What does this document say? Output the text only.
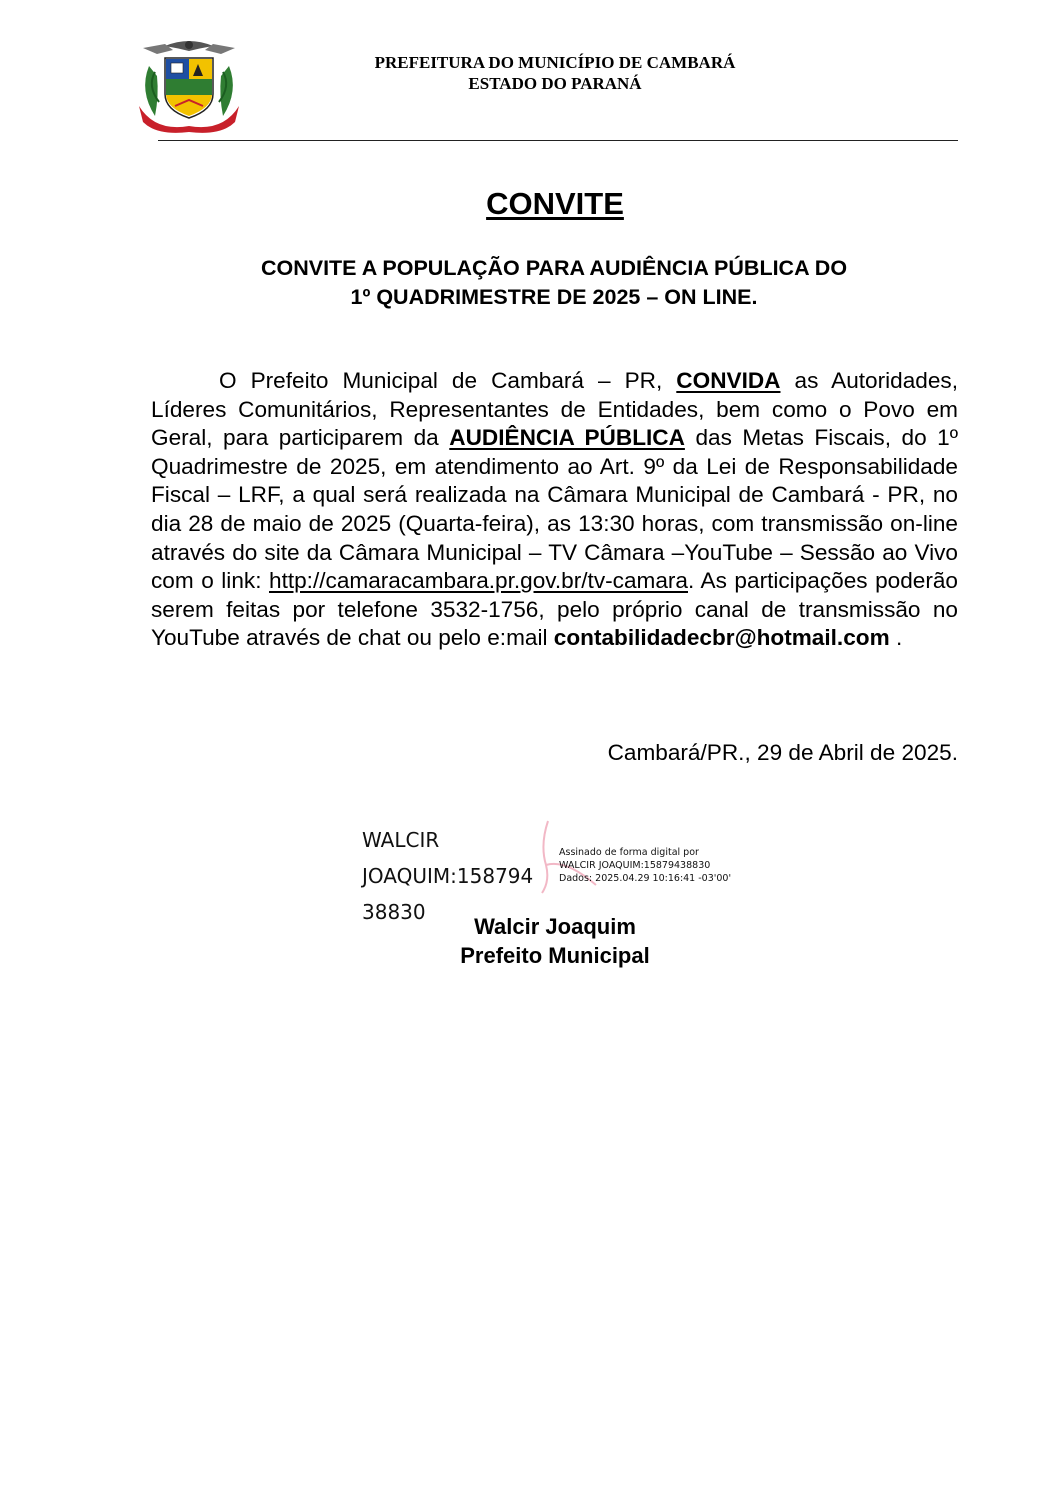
PREFEITURA DO MUNICÍPIO DE CAMBARÁ
ESTADO DO PARANÁ
CONVITE
CONVITE A POPULAÇÃO PARA AUDIÊNCIA PÚBLICA DO
1º QUADRIMESTRE DE 2025 – ON LINE.

O Prefeito Municipal de Cambará – PR, CONVIDA as Autoridades, Líderes Comunitários, Representantes de Entidades, bem como o Povo em Geral, para participarem da AUDIÊNCIA PÚBLICA das Metas Fiscais, do 1º Quadrimestre de 2025, em atendimento ao Art. 9º da Lei de Responsabilidade Fiscal – LRF, a qual será realizada na Câmara Municipal de Cambará - PR, no dia 28 de maio de 2025 (Quarta-feira), as 13:30 horas, com transmissão on-line através do site da Câmara Municipal – TV Câmara –YouTube – Sessão ao Vivo com o link: http://camaracambara.pr.gov.br/tv-camara. As participações poderão serem feitas por telefone 3532-1756, pelo próprio canal de transmissão no YouTube através de chat ou pelo e:mail contabilidadecbr@hotmail.com .

Cambará/PR., 29 de Abril de 2025.
WALCIR
JOAQUIM:158794
38830
Assinado de forma digital por
WALCIR JOAQUIM:15879438830
Dados: 2025.04.29 10:16:41 -03'00'
Walcir Joaquim
Prefeito Municipal
